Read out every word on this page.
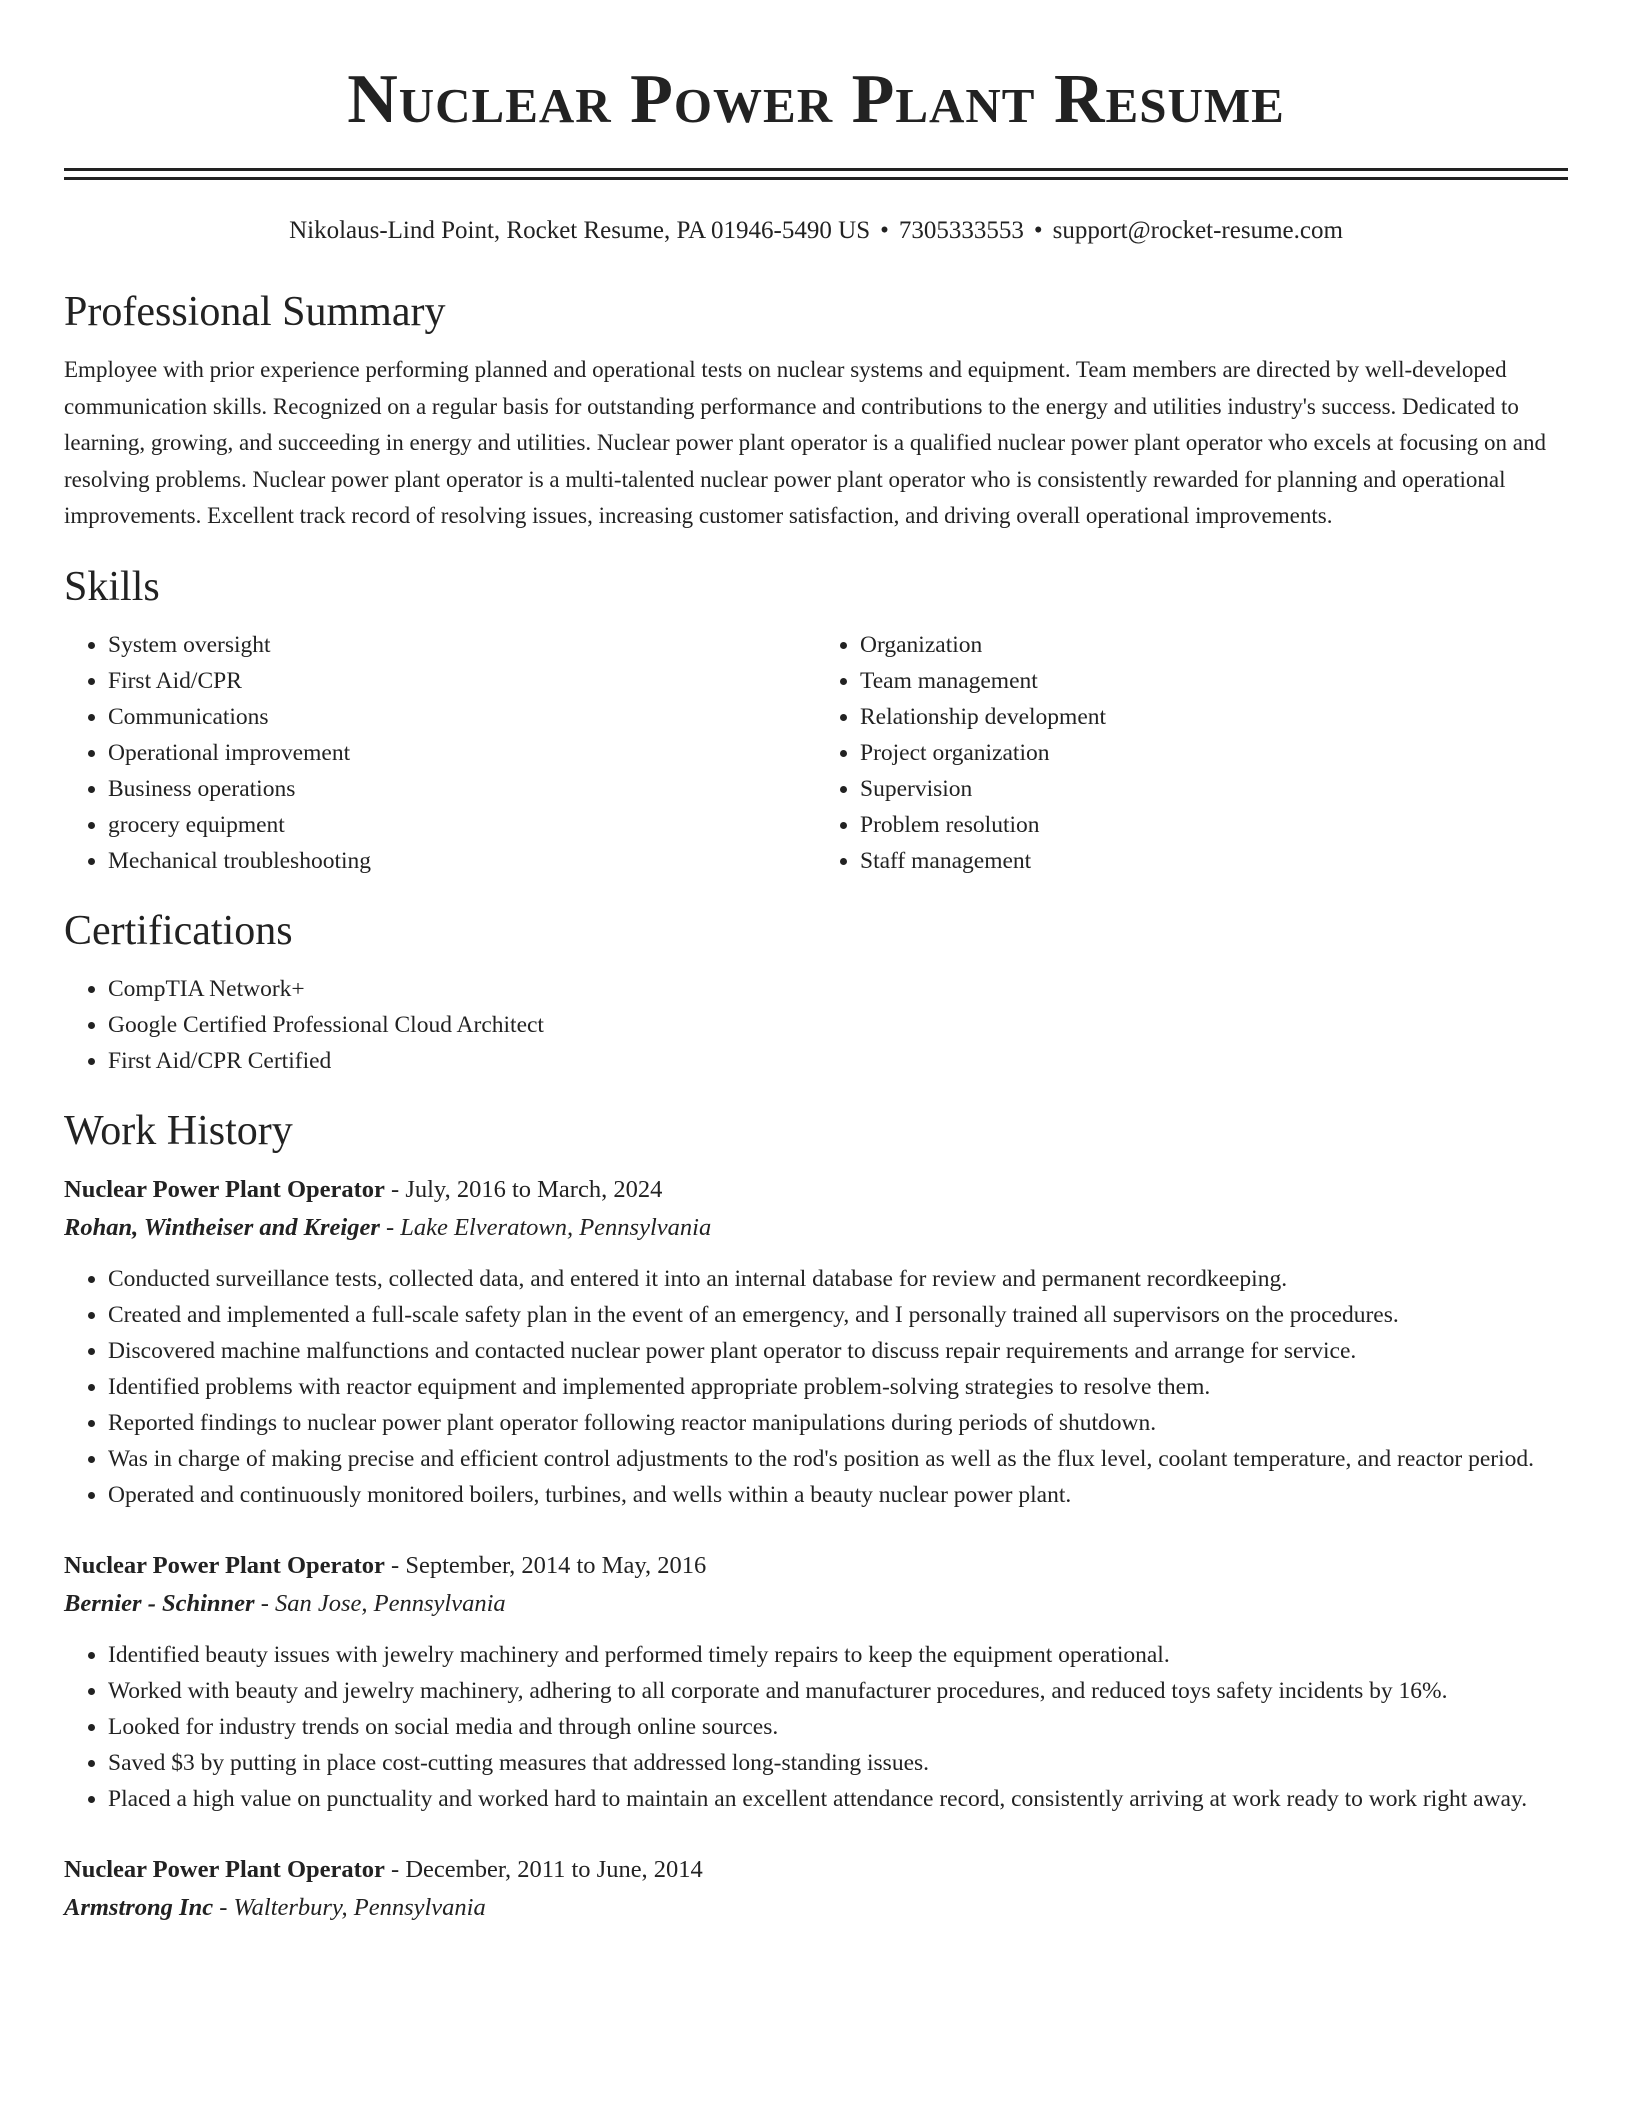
Nuclear Power Plant Resume
Nikolaus-Lind Point, Rocket Resume, PA 01946-5490 US • 7305333553 • support@rocket-resume.com
Professional Summary

Employee with prior experience performing planned and operational tests on nuclear systems and equipment. Team members are directed by well-developed communication skills. Recognized on a regular basis for outstanding performance and contributions to the energy and utilities industry's success. Dedicated to learning, growing, and succeeding in energy and utilities. Nuclear power plant operator is a qualified nuclear power plant operator who excels at focusing on and resolving problems. Nuclear power plant operator is a multi-talented nuclear power plant operator who is consistently rewarded for planning and operational improvements. Excellent track record of resolving issues, increasing customer satisfaction, and driving overall operational improvements.

Skills
• System oversight
• First Aid/CPR
• Communications
• Operational improvement
• Business operations
• grocery equipment
• Mechanical troubleshooting
• Organization
• Team management
• Relationship development
• Project organization
• Supervision
• Problem resolution
• Staff management
Certifications
• CompTIA Network+
• Google Certified Professional Cloud Architect
• First Aid/CPR Certified
Work History
Nuclear Power Plant Operator - July, 2016 to March, 2024
Rohan, Wintheiser and Kreiger - Lake Elveratown, Pennsylvania
• Conducted surveillance tests, collected data, and entered it into an internal database for review and permanent recordkeeping.
• Created and implemented a full-scale safety plan in the event of an emergency, and I personally trained all supervisors on the procedures.
• Discovered machine malfunctions and contacted nuclear power plant operator to discuss repair requirements and arrange for service.
• Identified problems with reactor equipment and implemented appropriate problem-solving strategies to resolve them.
• Reported findings to nuclear power plant operator following reactor manipulations during periods of shutdown.
• Was in charge of making precise and efficient control adjustments to the rod's position as well as the flux level, coolant temperature, and reactor period.
• Operated and continuously monitored boilers, turbines, and wells within a beauty nuclear power plant.
Nuclear Power Plant Operator - September, 2014 to May, 2016
Bernier - Schinner - San Jose, Pennsylvania
• Identified beauty issues with jewelry machinery and performed timely repairs to keep the equipment operational.
• Worked with beauty and jewelry machinery, adhering to all corporate and manufacturer procedures, and reduced toys safety incidents by 16%.
• Looked for industry trends on social media and through online sources.
• Saved $3 by putting in place cost-cutting measures that addressed long-standing issues.
• Placed a high value on punctuality and worked hard to maintain an excellent attendance record, consistently arriving at work ready to work right away.
Nuclear Power Plant Operator - December, 2011 to June, 2014
Armstrong Inc - Walterbury, Pennsylvania
